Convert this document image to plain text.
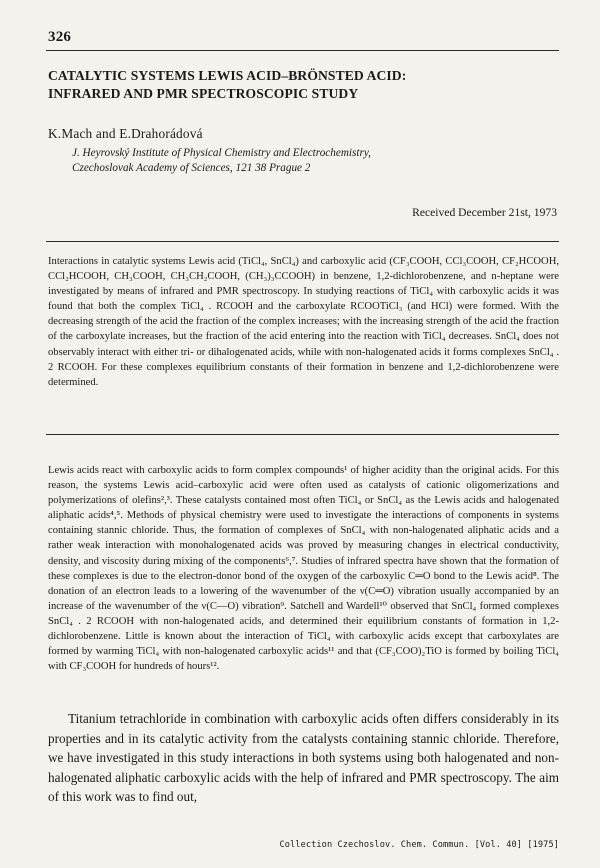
326
CATALYTIC SYSTEMS LEWIS ACID–BRÖNSTED ACID:
INFRARED AND PMR SPECTROSCOPIC STUDY
K.Mach and E.Drahorádová
J. Heyrovský Institute of Physical Chemistry and Electrochemistry,
Czechoslovak Academy of Sciences, 121 38 Prague 2
Received December 21st, 1973
Interactions in catalytic systems Lewis acid (TiCl₄, SnCl₄) and carboxylic acid (CF₃COOH, CCl₃COOH, CF₂HCOOH, CCl₂HCOOH, CH₃COOH, CH₃CH₂COOH, (CH₃)₃CCOOH) in benzene, 1,2-dichlorobenzene, and n-heptane were investigated by means of infrared and PMR spectroscopy. In studying reactions of TiCl₄ with carboxylic acids it was found that both the complex TiCl₄ . RCOOH and the carboxylate RCOOTiCl₃ (and HCl) were formed. With the decreasing strength of the acid the fraction of the complex increases; with the increasing strength of the acid the fraction of the carboxylate increases, but the fraction of the acid entering into the reaction with TiCl₄ decreases. SnCl₄ does not observably interact with either tri- or dihalogenated acids, while with non-halogenated acids it forms complexes SnCl₄ . 2 RCOOH. For these complexes equilibrium constants of their formation in benzene and 1,2-dichlorobenzene were determined.
Lewis acids react with carboxylic acids to form complex compounds¹ of higher acidity than the original acids. For this reason, the systems Lewis acid–carboxylic acid were often used as catalysts of cationic oligomerizations and polymerizations of olefins²,³. These catalysts contained most often TiCl₄ or SnCl₄ as the Lewis acids and halogenated aliphatic acids⁴,⁵. Methods of physical chemistry were used to investigate the interactions of components in systems containing stannic chloride. Thus, the formation of complexes of SnCl₄ with non-halogenated aliphatic acids and a rather weak interaction with monohalogenated acids was proved by measuring changes in electrical conductivity, density, and viscosity during mixing of the components⁶,⁷. Studies of infrared spectra have shown that the formation of these complexes is due to the electron-donor bond of the oxygen of the carboxylic C═O bond to the Lewis acid⁸. The donation of an electron leads to a lowering of the wavenumber of the ν(C═O) vibration usually accompanied by an increase of the wavenumber of the ν(C—O) vibration⁹. Satchell and Wardell¹⁰ observed that SnCl₄ formed complexes SnCl₄ . 2 RCOOH with non-halogenated acids, and determined their equilibrium constants of formation in 1,2-dichlorobenzene. Little is known about the interaction of TiCl₄ with carboxylic acids except that carboxylates are formed by warming TiCl₄ with non-halogenated carboxylic acids¹¹ and that (CF₃COO)₂TiO is formed by boiling TiCl₄ with CF₃COOH for hundreds of hours¹².
Titanium tetrachloride in combination with carboxylic acids often differs considerably in its properties and in its catalytic activity from the catalysts containing stannic chloride. Therefore, we have investigated in this study interactions in both systems using both halogenated and non-halogenated aliphatic carboxylic acids with the help of infrared and PMR spectroscopy. The aim of this work was to find out,
Collection Czechoslov. Chem. Commun. [Vol. 40] [1975]
